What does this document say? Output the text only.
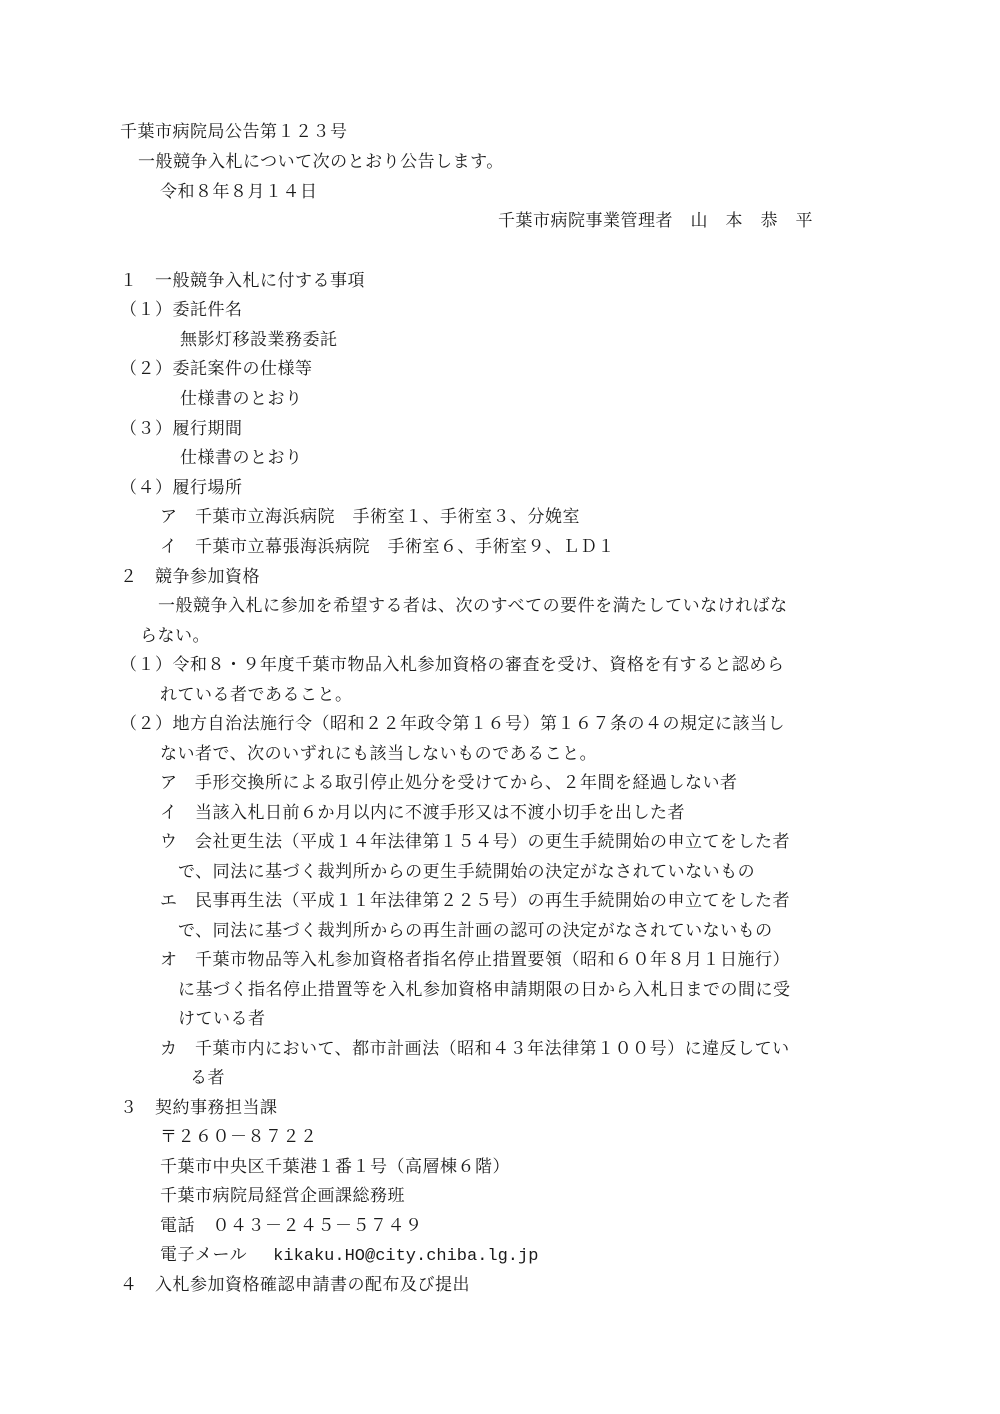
千葉市病院局公告第１２３号
一般競争入札について次のとおり公告します。
令和８年８月１４日
千葉市病院事業管理者　山　本　恭　平
１　一般競争入札に付する事項
（１）委託件名
無影灯移設業務委託
（２）委託案件の仕様等
仕様書のとおり
（３）履行期間
仕様書のとおり
（４）履行場所
ア　千葉市立海浜病院　手術室１、手術室３、分娩室
イ　千葉市立幕張海浜病院　手術室６、手術室９、ＬＤ１
２　競争参加資格
一般競争入札に参加を希望する者は、次のすべての要件を満たしていなければな
らない。
（１）令和８・９年度千葉市物品入札参加資格の審査を受け、資格を有すると認めら
れている者であること。
（２）地方自治法施行令（昭和２２年政令第１６号）第１６７条の４の規定に該当し
ない者で、次のいずれにも該当しないものであること。
ア　手形交換所による取引停止処分を受けてから、２年間を経過しない者
イ　当該入札日前６か月以内に不渡手形又は不渡小切手を出した者
ウ　会社更生法（平成１４年法律第１５４号）の更生手続開始の申立てをした者
で、同法に基づく裁判所からの更生手続開始の決定がなされていないもの
エ　民事再生法（平成１１年法律第２２５号）の再生手続開始の申立てをした者
で、同法に基づく裁判所からの再生計画の認可の決定がなされていないもの
オ　千葉市物品等入札参加資格者指名停止措置要領（昭和６０年８月１日施行）
に基づく指名停止措置等を入札参加資格申請期限の日から入札日までの間に受
けている者
カ　千葉市内において、都市計画法（昭和４３年法律第１００号）に違反してい
る者
３　契約事務担当課
〒２６０－８７２２
千葉市中央区千葉港１番１号（高層棟６階）
千葉市病院局経営企画課総務班
電話　０４３－２４５－５７４９
電子メール kikaku.HO@city.chiba.lg.jp
４　入札参加資格確認申請書の配布及び提出
